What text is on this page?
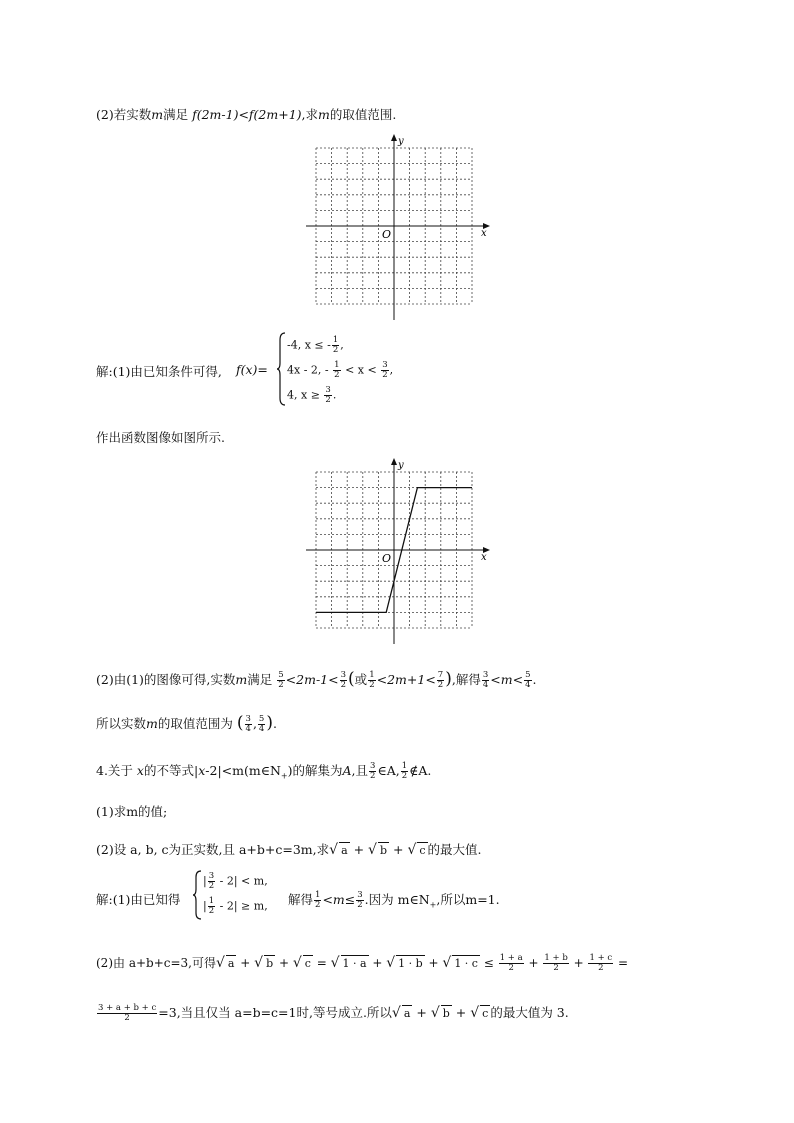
(2)若实数m满足 f(2m-1)<f(2m+1),求m的取值范围.
x
y
O
解:(1)由已知条件可得, f(x)=
-4, x ≤ - $\frac{1}{2}$ ,
4x - 2, - $\frac{1}{2} < x < \frac{3}{2}$ ,
4, $x \ge \frac{3}{2}$ .
作出函数图像如图所示.
x
y
O
(2)由(1)的图像可得,实数m满足 $\frac{5}{2} <2m-1< \frac{3}{2}$ (或 $\frac{1}{2} <2m+1< \frac{7}{2}$ ),解得 $\frac{3}{4} <m< \frac{5}{4}$ .
所以实数m的取值范围为 ( $\frac{3}{4}$ , $\frac{5}{4}$ ).
4.关于 x的不等式$|x-2|<m(m\in N_+)$的解集为A,且 $\frac{3}{2}$ ∈A, $\frac{1}{2}$ ∉A.
(1)求m的值;
(2)设 a, b, c为正实数,且 a+b+c=3m,求√ a + √ b + √ c 的最大值.
解:(1)由已知得
| $\frac{3}{2} - 2| < m$,
| $\frac{1}{2} - 2| \ge m$, 解得 $\frac{1}{2} <m\le \frac{3}{2}$ .因为 $m\in N_+$,所以m=1.
(2)由 a+b+c=3,可得√ a + √ b + √ c = √ 1 · a + √ 1 · b + √ $1 \cdot c \le \frac{1 + a}{2} + \frac{1 + b}{2} + \frac{1 + c}{2}$ =
$\frac{3 + a + b + c}{2} =3$,当且仅当 a=b=c=1时,等号成立.所以√ a + √ b + √ c 的最大值为 3.
